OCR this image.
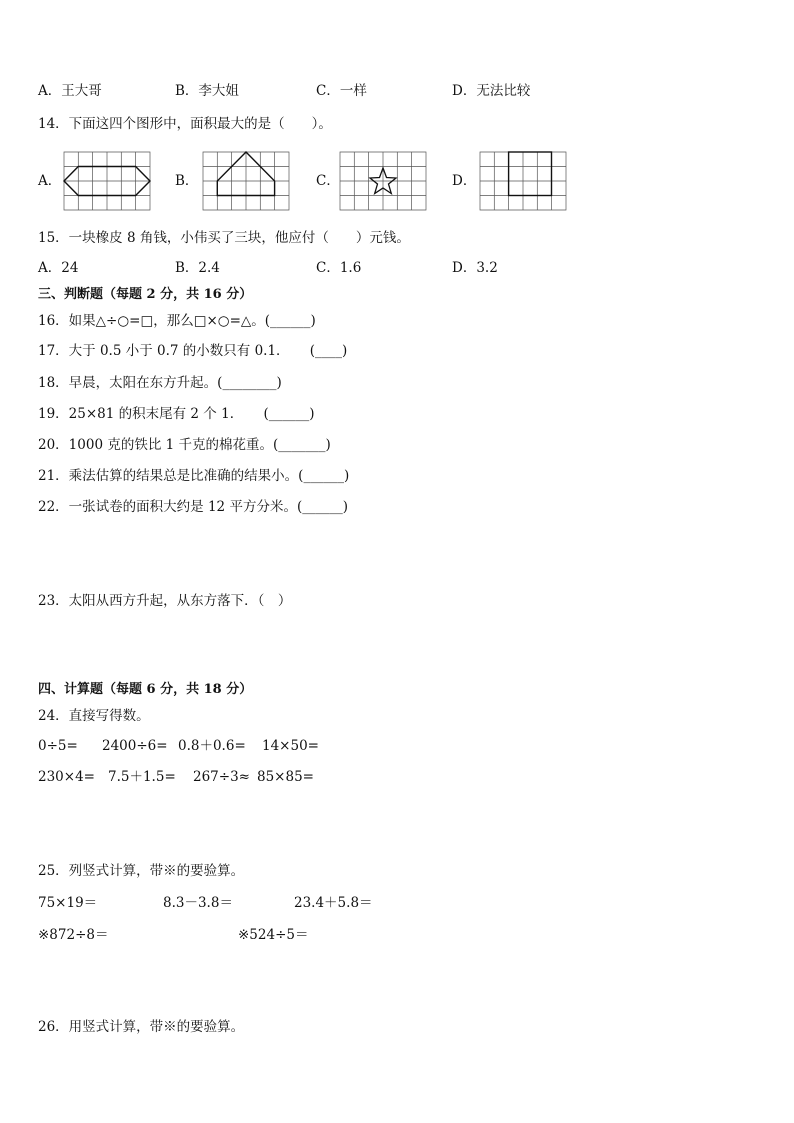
A．王大哥	B．李大姐	C．一样	D．无法比较
14．下面这四个图形中，面积最大的是（　　）。
A．	B．	C．	D．
15．一块橡皮 8 角钱，小伟买了三块，他应付（　　）元钱。
A．24	B．2.4	C．1.6	D．3.2
三、判断题（每题 2 分，共 16 分）
16．如果△÷○=□，那么□×○=△。(______)
17．大于 0.5 小于 0.7 的小数只有 0.1．　　(____)
18．早晨，太阳在东方升起。(________)
19．25×81 的积末尾有 2 个 1．　　(______)
20．1000 克的铁比 1 千克的棉花重。(_______)
21．乘法估算的结果总是比准确的结果小。(______)
22．一张试卷的面积大约是 12 平方分米。(______)
23．太阳从西方升起，从东方落下．（　）
四、计算题（每题 6 分，共 18 分）
24．直接写得数。
0÷5= 2400÷6= 0.8＋0.6= 14×50=
230×4= 7.5＋1.5= 267÷3≈ 85×85=
25．列竖式计算，带※的要验算。
75×19＝	8.3－3.8＝	23.4＋5.8＝
※872÷8＝	※524÷5＝
26．用竖式计算，带※的要验算。
